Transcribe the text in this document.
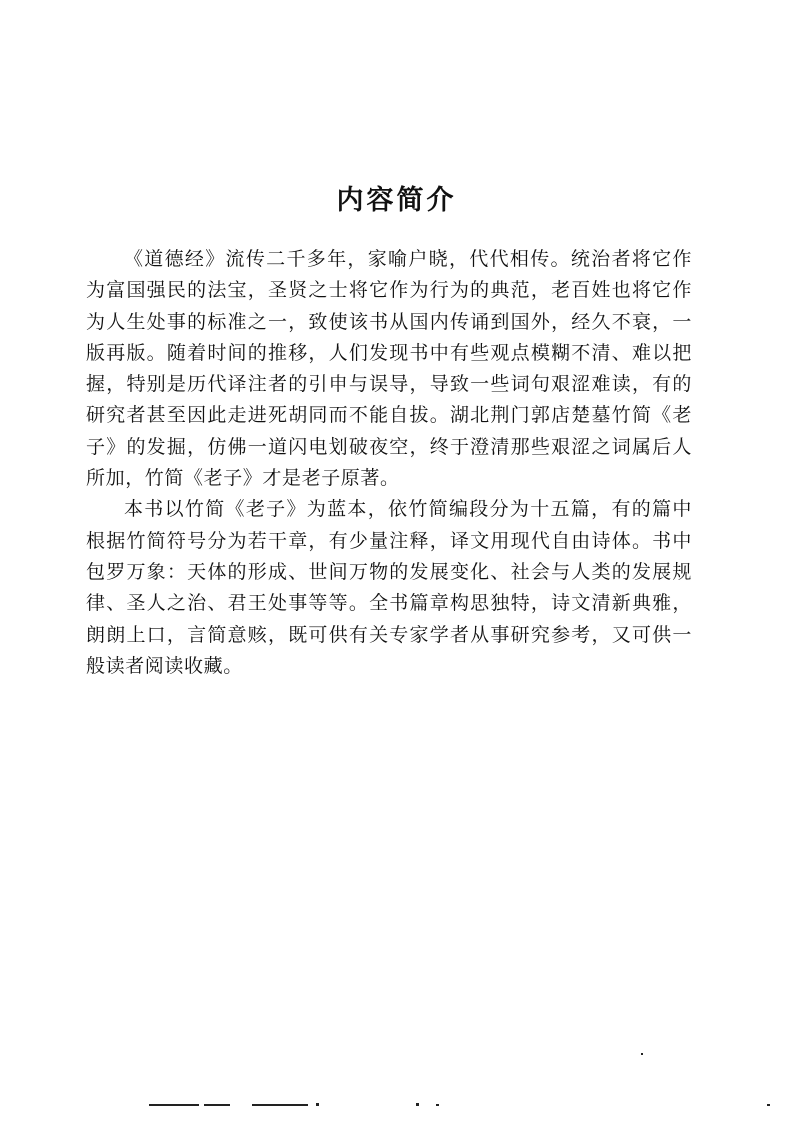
内容简介

《道德经》流传二千多年，家喻户晓，代代相传。统治者将它作为富国强民的法宝，圣贤之士将它作为行为的典范，老百姓也将它作为人生处事的标准之一，致使该书从国内传诵到国外，经久不衰，一版再版。随着时间的推移，人们发现书中有些观点模糊不清、难以把握，特别是历代译注者的引申与误导，导致一些词句艰涩难读，有的研究者甚至因此走进死胡同而不能自拔。湖北荆门郭店楚墓竹简《老子》的发掘，仿佛一道闪电划破夜空，终于澄清那些艰涩之词属后人所加，竹简《老子》才是老子原著。

本书以竹简《老子》为蓝本，依竹简编段分为十五篇，有的篇中根据竹简符号分为若干章，有少量注释，译文用现代自由诗体。书中包罗万象：天体的形成、世间万物的发展变化、社会与人类的发展规律、圣人之治、君王处事等等。全书篇章构思独特，诗文清新典雅，朗朗上口，言简意赅，既可供有关专家学者从事研究参考，又可供一般读者阅读收藏。
